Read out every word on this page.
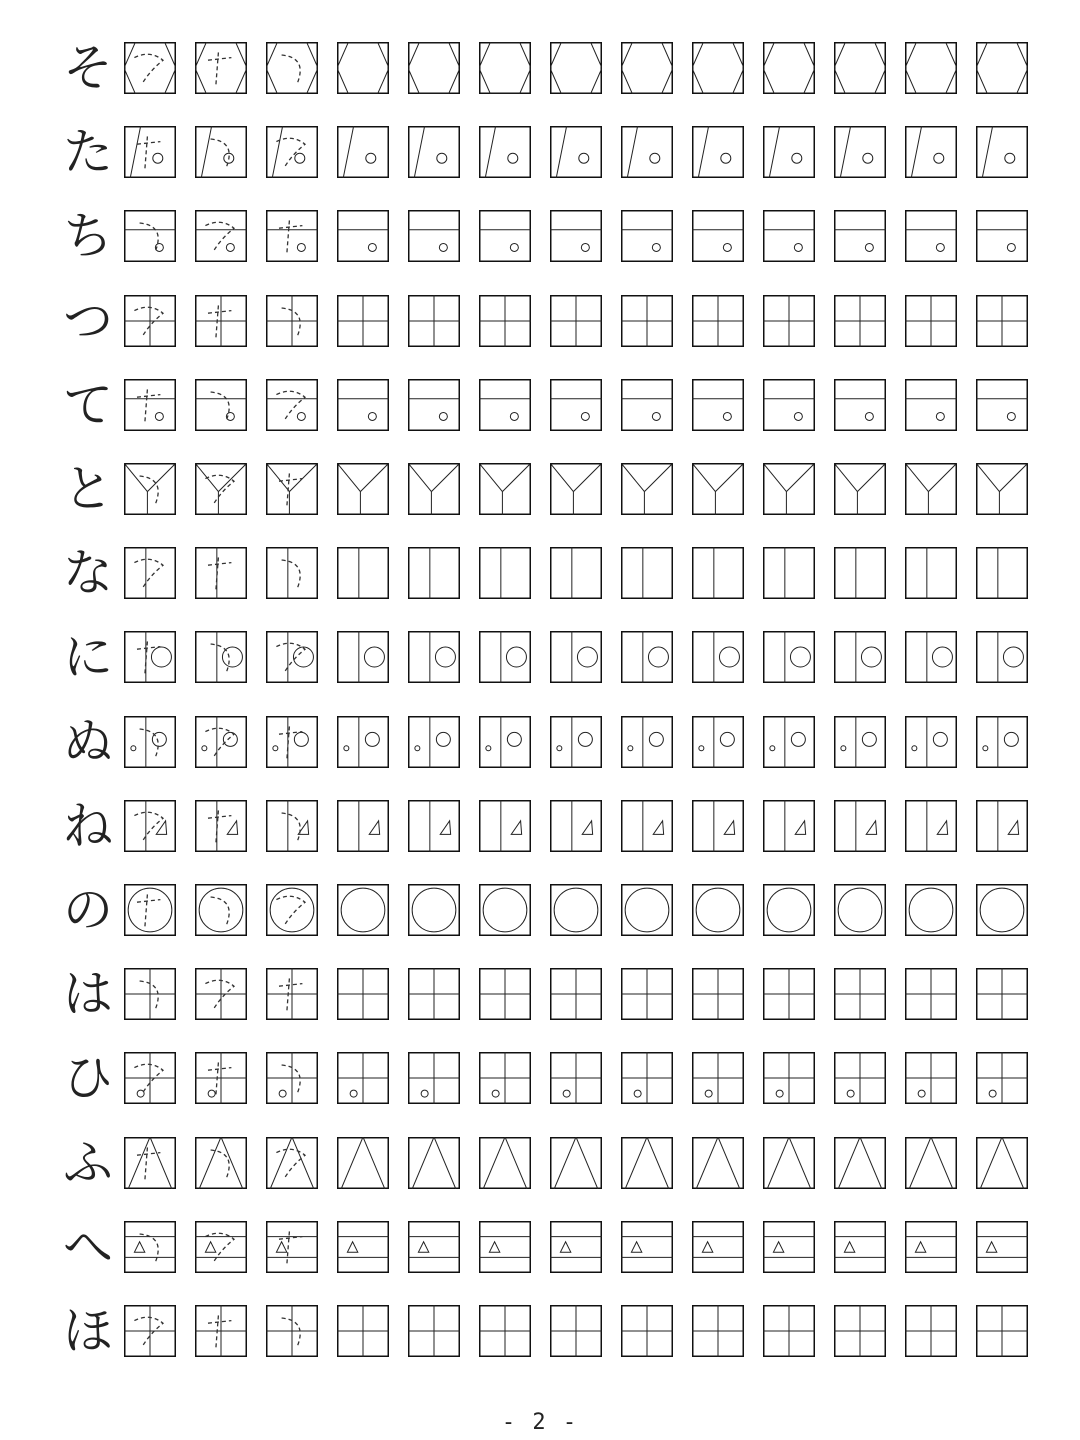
そ
た
ち
つ
て
と
な
に
ぬ
ね
の
は
ひ
ふ
へ
ほ
- 2 -
